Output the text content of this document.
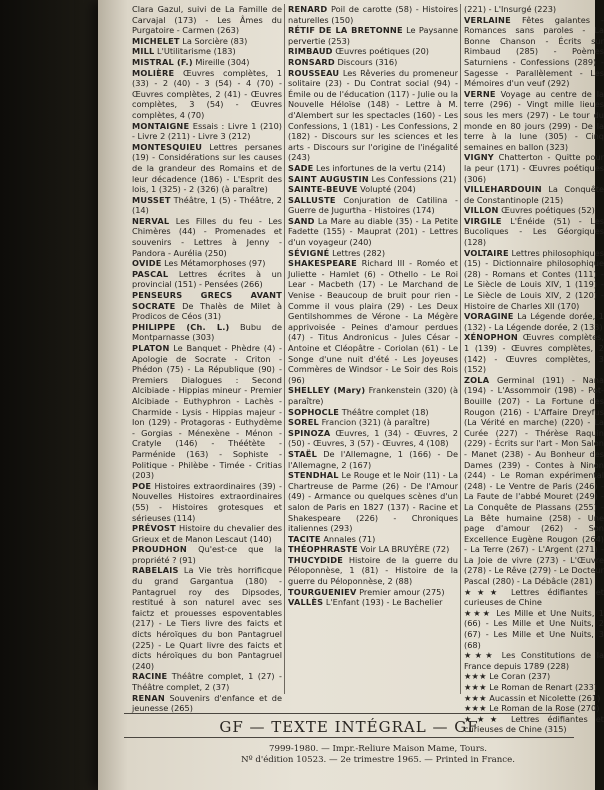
Clara Gazul, suivi de La Famille de Carvajal (173) - Les Âmes du Purgatoire - Carmen (263)
MICHELET La Sorcière (83)
MILL L'Utilitarisme (183)
MISTRAL (F.) Mireille (304)
MOLIÈRE Œuvres complètes, 1 (33) - 2 (40) - 3 (54) - 4 (70) - Œuvres complètes, 2 (41) - Œuvres complètes, 3 (54) - Œuvres complètes, 4 (70)
MONTAIGNE Essais : Livre 1 (210) - Livre 2 (211) - Livre 3 (212)
MONTESQUIEU Lettres persanes (19) - Considérations sur les causes de la grandeur des Romains et de leur décadence (186) - L'Esprit des lois, 1 (325) - 2 (326) (à paraître)
MUSSET Théâtre, 1 (5) - Théâtre, 2 (14)
NERVAL Les Filles du feu - Les Chimères (44) - Promenades et souvenirs - Lettres à Jenny - Pandora - Aurélia (250)
OVIDE Les Métamorphoses (97)
PASCAL Lettres écrites à un provincial (151) - Pensées (266)
PENSEURS GRECS AVANT SOCRATE De Thalès de Milet à Prodicos de Céos (31)
PHILIPPE (Ch. L.) Bubu de Montparnasse (303)
PLATON Le Banquet - Phèdre (4) - Apologie de Socrate - Criton - Phédon (75) - La République (90) - Premiers Dialogues : Second Alcibiade - Hippias mineur - Premier Alcibiade - Euthyphron - Lachès - Charmide - Lysis - Hippias majeur - Ion (129) - Protagoras - Euthydème - Gorgias - Ménexène - Ménon - Cratyle (146) - Théétète - Parménide (163) - Sophiste - Politique - Philèbe - Timée - Critias (203)
POE Histoires extraordinaires (39) - Nouvelles Histoires extraordinaires (55) - Histoires grotesques et sérieuses (114)
PRÉVOST Histoire du chevalier des Grieux et de Manon Lescaut (140)
PROUDHON Qu'est-ce que la propriété ? (91)
RABELAIS La Vie très horrificque du grand Gargantua (180) - Pantagruel roy des Dipsodes, restitué à son naturel avec ses faictz et prouesses espoventables (217) - Le Tiers livre des faicts et dicts héroïques du bon Pantagruel (225) - Le Quart livre des faicts et dicts héroïques du bon Pantagruel (240)
RACINE Théâtre complet, 1 (27) - Théâtre complet, 2 (37)
RENAN Souvenirs d'enfance et de jeunesse (265)
RENARD Poil de carotte (58) - Histoires naturelles (150)
RÉTIF DE LA BRETONNE Le Paysanne pervertie (253)
RIMBAUD Œuvres poétiques (20)
RONSARD Discours (316)
ROUSSEAU Les Rêveries du promeneur solitaire (23) - Du Contrat social (94) - Émile ou de l'éducation (117) - Julie ou la Nouvelle Héloïse (148) - Lettre à M. d'Alembert sur les spectacles (160) - Les Confessions, 1 (181) - Les Confessions, 2 (182) - Discours sur les sciences et les arts - Discours sur l'origine de l'inégalité (243)
SADE Les infortunes de la vertu (214)
SAINT AUGUSTIN Les Confessions (21)
SAINTE-BEUVE Volupté (204)
SALLUSTE Conjuration de Catilina - Guerre de Jugurtha - Histoires (174)
SAND La Mare au diable (35) - La Petite Fadette (155) - Mauprat (201) - Lettres d'un voyageur (240)
SÉVIGNÉ Lettres (282)
SHAKESPEARE Richard III - Roméo et Juliette - Hamlet (6) - Othello - Le Roi Lear - Macbeth (17) - Le Marchand de Venise - Beaucoup de bruit pour rien - Comme il vous plaira (29) - Les Deux Gentilshommes de Vérone - La Mégère apprivoisée - Peines d'amour perdues (47) - Titus Andronicus - Jules César - Antoine et Cléopâtre - Coriolan (61) - Le Songe d'une nuit d'été - Les Joyeuses Commères de Windsor - Le Soir des Rois (96)
SHELLEY (Mary) Frankenstein (320) (à paraître)
SOPHOCLE Théâtre complet (18)
SOREL Francion (321) (à paraître)
SPINOZA Œuvres, 1 (34) - Œuvres, 2 (50) - Œuvres, 3 (57) - Œuvres, 4 (108)
STAËL De l'Allemagne, 1 (166) - De l'Allemagne, 2 (167)
STENDHAL Le Rouge et le Noir (11) - La Chartreuse de Parme (26) - De l'Amour (49) - Armance ou quelques scènes d'un salon de Paris en 1827 (137) - Racine et Shakespeare (226) - Chroniques italiennes (293)
TACITE Annales (71)
THÉOPHRASTE Voir LA BRUYÈRE (72)
THUCYDIDE Histoire de la guerre du Péloponnèse, 1 (81) - Histoire de la guerre du Péloponnèse, 2 (88)
TOURGUENIEV Premier amour (275)
VALLÈS L'Enfant (193) - Le Bachelier
(221) - L'Insurgé (223)
VERLAINE Fêtes galantes - Romances sans paroles - La Bonne Chanson - Écrits sur Rimbaud (285) - Poèmes Saturniens - Confessions (289) - Sagesse - Parallèlement - Les Mémoires d'un veuf (292)
VERNE Voyage au centre de la terre (296) - Vingt mille lieues sous les mers (297) - Le tour du monde en 80 jours (299) - De la terre à la lune (305) - Cinq semaines en ballon (323)
VIGNY Chatterton - Quitte pour la peur (171) - Œuvres poétiques (306)
VILLEHARDOUIN La Conquête de Constantinople (215)
VILLON Œuvres poétiques (52)
VIRGILE L'Énéide (51) - Les Bucoliques - Les Géorgiques (128)
VOLTAIRE Lettres philosophiques (15) - Dictionnaire philosophique (28) - Romans et Contes (111) - Le Siècle de Louis XIV, 1 (119) - Le Siècle de Louis XIV, 2 (120) - Histoire de Charles XII (170)
VORAGINE La Légende dorée, 1 (132) - La Légende dorée, 2 (133)
XÉNOPHON Œuvres complètes, 1 (139) - Œuvres complètes, 2 (142) - Œuvres complètes, 3 (152)
ZOLA Germinal (191) - Nana (194) - L'Assommoir (198) - Pot-Bouille (207) - La Fortune des Rougon (216) - L'Affaire Dreyfus (La Vérité en marche) (220) - La Curée (227) - Thérèse Raquin (229) - Écrits sur l'art - Mon Salon - Manet (238) - Au Bonheur des Dames (239) - Contes à Ninon (244) - Le Roman expérimental (248) - Le Ventre de Paris (246) - La Faute de l'abbé Mouret (249) - La Conquête de Plassans (255) - La Bête humaine (258) - Une page d'amour (262) - Son Excellence Eugène Rougon (264) - La Terre (267) - L'Argent (271) - La Joie de vivre (273) - L'Œuvre (278) - Le Rêve (279) - Le Docteur Pascal (280) - La Débâcle (281)
★★★ Lettres édifiantes et curieuses de Chine
★★★ Les Mille et Une Nuits, 1 (66) - Les Mille et Une Nuits, 2 (67) - Les Mille et Une Nuits, 3 (68)
★★★ Les Constitutions de la France depuis 1789 (228)
★★★ Le Coran (237)
★★★ Le Roman de Renart (233)
★★★ Aucassin et Nicolette (261)
★★★ Le Roman de la Rose (270)
★★★ Lettres édifiantes et curieuses de Chine (315)
GF — TEXTE INTÉGRAL — GF
7999-1980. — Impr.-Reliure Maison Mame, Tours.
Nº d'édition 10523. — 2e trimestre 1965. — Printed in France.
